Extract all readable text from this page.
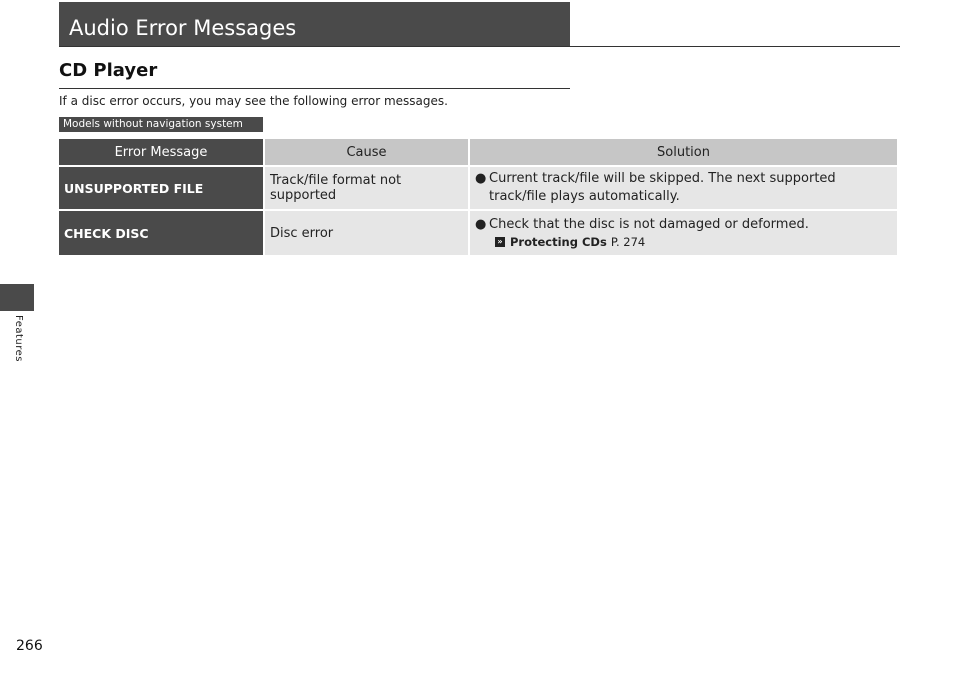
Audio Error Messages
CD Player
If a disc error occurs, you may see the following error messages.
Models without navigation system
Error Message	Cause	Solution
UNSUPPORTED FILE	Track/file format not supported	● Current track/file will be skipped. The next supported track/file plays automatically.

CHECK DISC	Disc error	● Check that the disc is not damaged or deformed.
» Protecting CDs P. 274
Features
266
